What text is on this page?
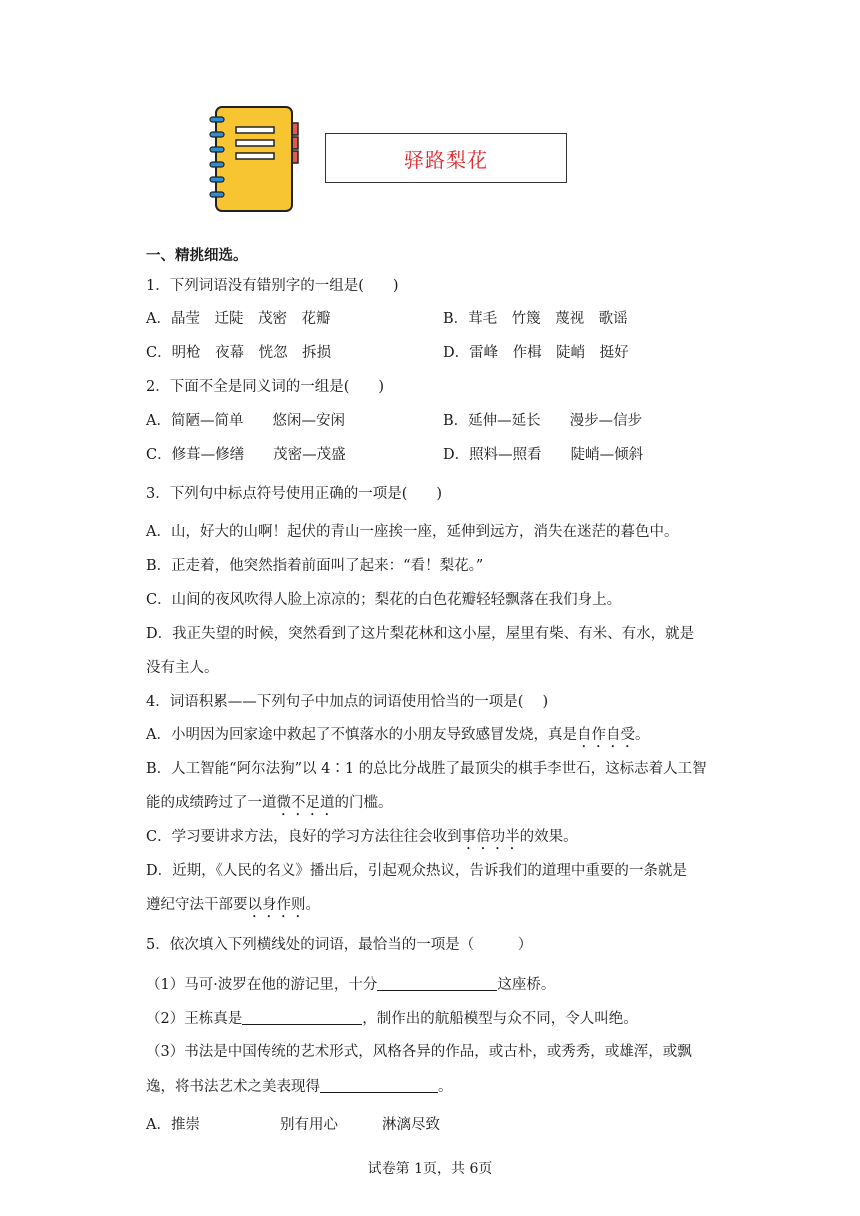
驿路梨花
一、精挑细选。
1．下列词语没有错别字的一组是(　　)
A．晶莹　迁陡　茂密　花瓣	B．茸毛　竹篾　蔑视　歌谣
C．明枪　夜幕　恍忽　拆损	D．雷峰　作楫　陡峭　挺好
2．下面不全是同义词的一组是(　　)
A．简陋—简单　　悠闲—安闲	B．延伸—延长　　漫步—信步
C．修葺—修缮　　茂密—茂盛	D．照料—照看　　陡峭—倾斜
3．下列句中标点符号使用正确的一项是(　　)
A．山，好大的山啊！起伏的青山一座挨一座，延伸到远方，消失在迷茫的暮色中。
B．正走着，他突然指着前面叫了起来：“看！梨花。”
C．山间的夜风吹得人脸上凉凉的；梨花的白色花瓣轻轻飘落在我们身上。
D．我正失望的时候，突然看到了这片梨花林和这小屋，屋里有柴、有米、有水，就是
没有主人。
4．词语积累——下列句子中加点的词语使用恰当的一项是(　 )
A．小明因为回家途中救起了不慎落水的小朋友导致感冒发烧，真是自作自受。
B．人工智能“阿尔法狗”以 4∶1 的总比分战胜了最顶尖的棋手李世石，这标志着人工智
能的成绩跨过了一道微不足道的门槛。
C．学习要讲求方法，良好的学习方法往往会收到事倍功半的效果。
D．近期，《人民的名义》播出后，引起观众热议，告诉我们的道理中重要的一条就是
遵纪守法干部要以身作则。
5．依次填入下列横线处的词语，最恰当的一项是（　　　）
（1）马可·波罗在他的游记里，十分	这座桥。
（2）王栋真是	，制作出的航船模型与众不同，令人叫绝。
（3）书法是中国传统的艺术形式，风格各异的作品，或古朴，或秀秀，或雄浑，或飘
逸，将书法艺术之美表现得	。
A．推崇	别有用心	淋漓尽致
试卷第 1页，共 6页
